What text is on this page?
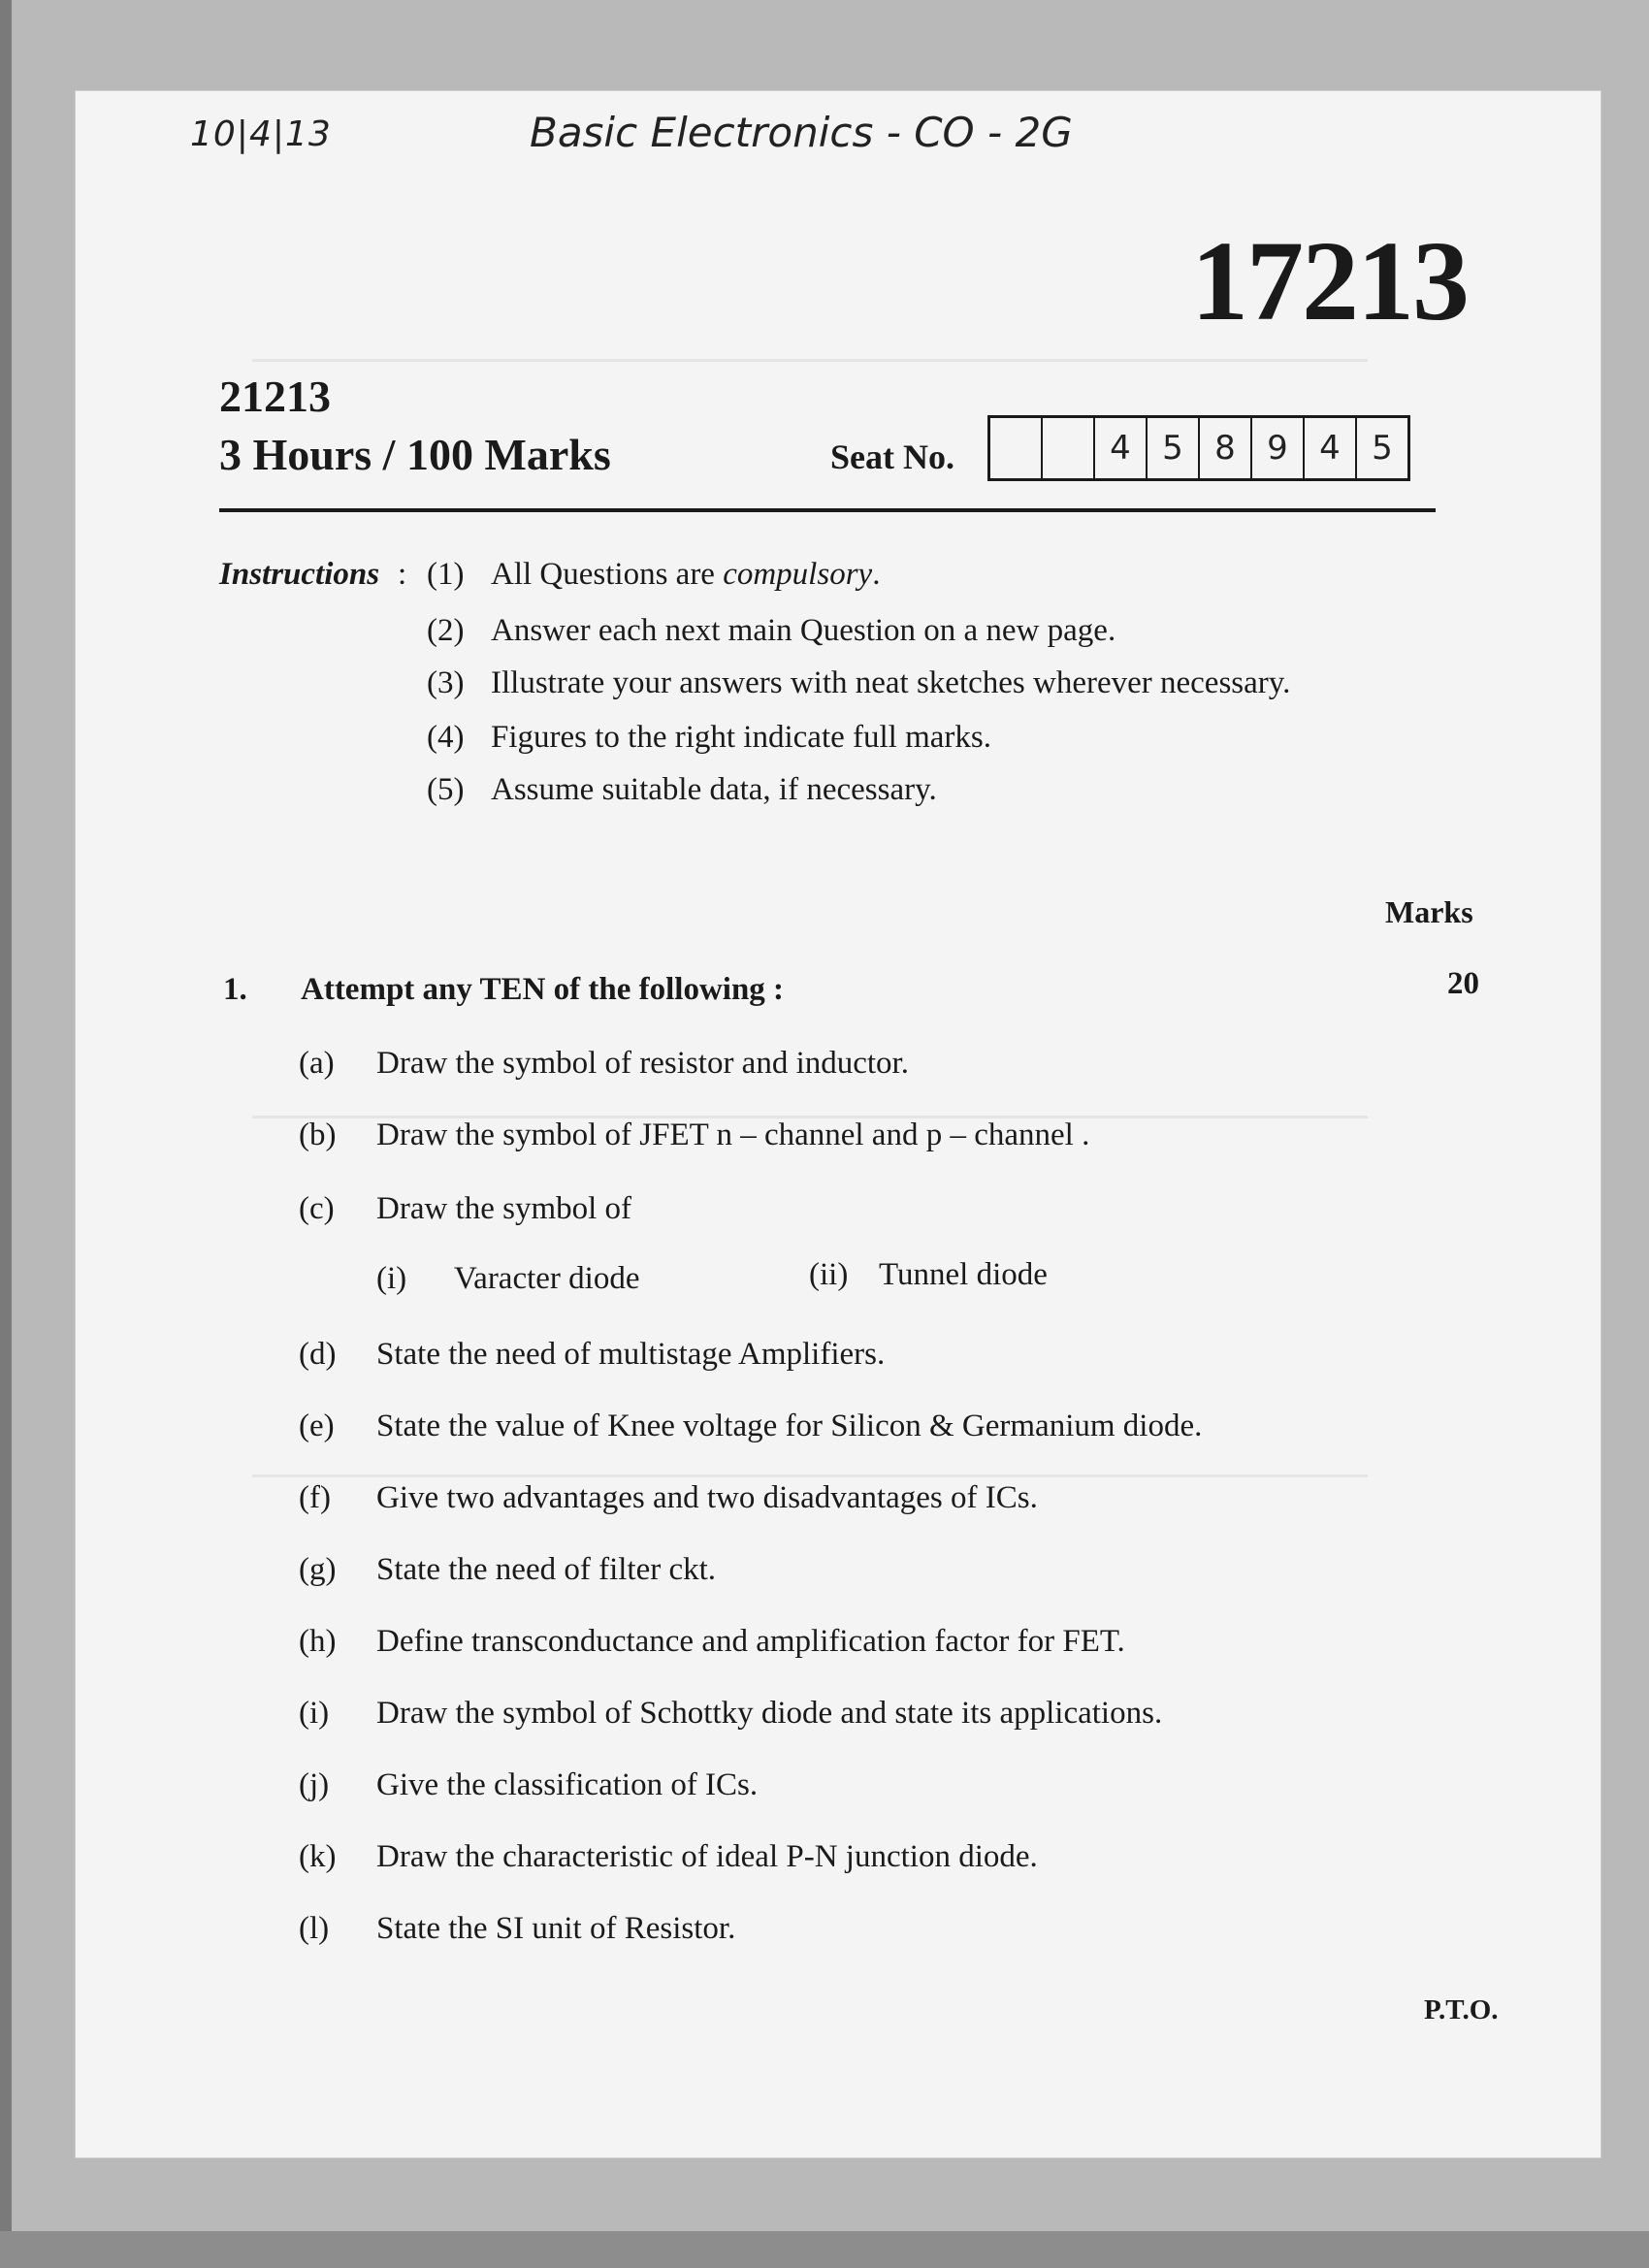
10|4|13	Basic Electronics - CO - 2G
17213
21213
3 Hours / 100 Marks	Seat No.	4 5 8 9 4 5
Instructions : (1) All Questions are compulsory.
(2) Answer each next main Question on a new page.
(3) Illustrate your answers with neat sketches wherever necessary.
(4) Figures to the right indicate full marks.
(5) Assume suitable data, if necessary.
Marks
1. Attempt any TEN of the following :	20
(a) Draw the symbol of resistor and inductor.
(b) Draw the symbol of JFET n – channel and p – channel .
(c) Draw the symbol of
(i) Varacter diode	(ii) Tunnel diode
(d) State the need of multistage Amplifiers.
(e) State the value of Knee voltage for Silicon & Germanium diode.
(f) Give two advantages and two disadvantages of ICs.
(g) State the need of filter ckt.
(h) Define transconductance and amplification factor for FET.
(i) Draw the symbol of Schottky diode and state its applications.
(j) Give the classification of ICs.
(k) Draw the characteristic of ideal P-N junction diode.
(l) State the SI unit of Resistor.
P.T.O.
